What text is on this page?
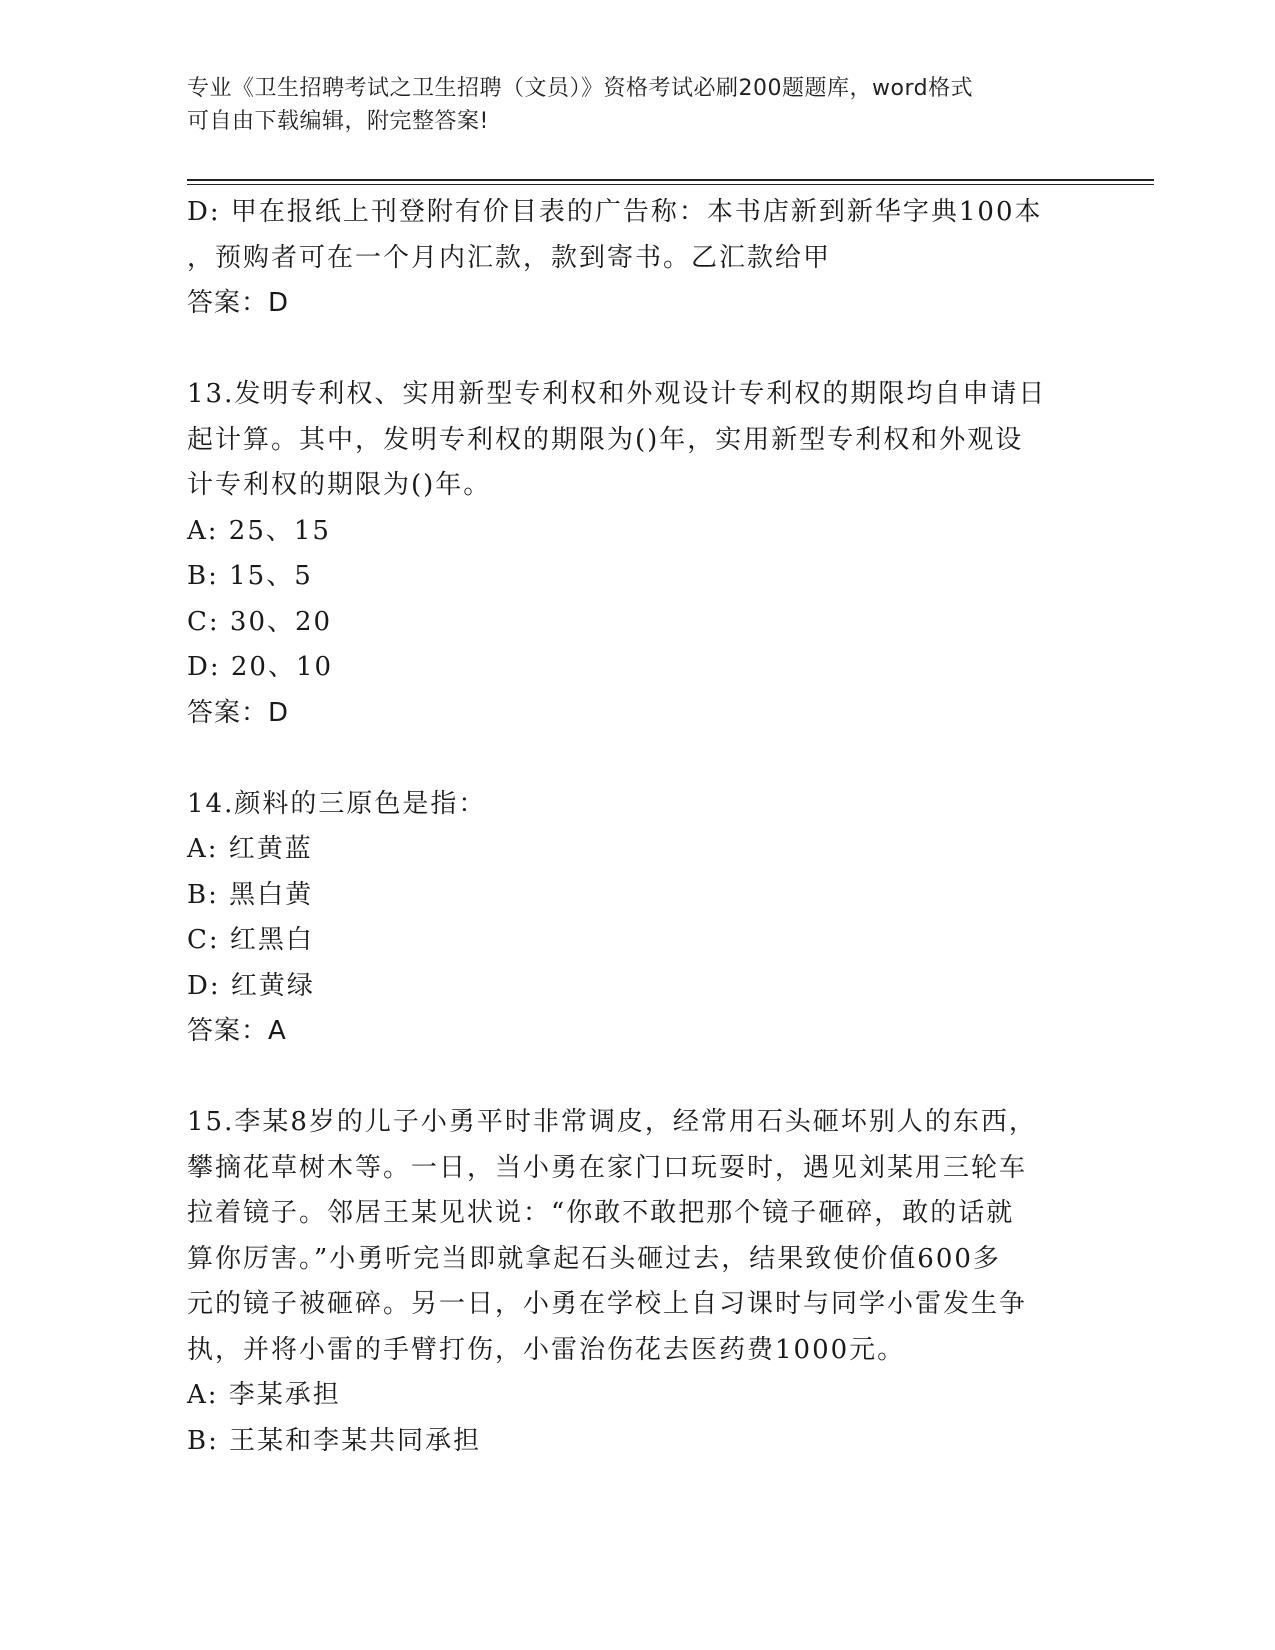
专业《卫生招聘考试之卫生招聘（文员）》资格考试必刷200题题库，word格式
可自由下载编辑，附完整答案!
D: 甲在报纸上刊登附有价目表的广告称：本书店新到新华字典100本
，预购者可在一个月内汇款，款到寄书。乙汇款给甲
答案：D
13.发明专利权、实用新型专利权和外观设计专利权的期限均自申请日
起计算。其中，发明专利权的期限为()年，实用新型专利权和外观设
计专利权的期限为()年。
A: 25、15
B: 15、5
C: 30、20
D: 20、10
答案：D
14.颜料的三原色是指：
A: 红黄蓝
B: 黑白黄
C: 红黑白
D: 红黄绿
答案：A
15.李某8岁的儿子小勇平时非常调皮，经常用石头砸坏别人的东西，
攀摘花草树木等。一日，当小勇在家门口玩耍时，遇见刘某用三轮车
拉着镜子。邻居王某见状说：“你敢不敢把那个镜子砸碎，敢的话就
算你厉害。”小勇听完当即就拿起石头砸过去，结果致使价值600多
元的镜子被砸碎。另一日，小勇在学校上自习课时与同学小雷发生争
执，并将小雷的手臂打伤，小雷治伤花去医药费1000元。
A: 李某承担
B: 王某和李某共同承担
